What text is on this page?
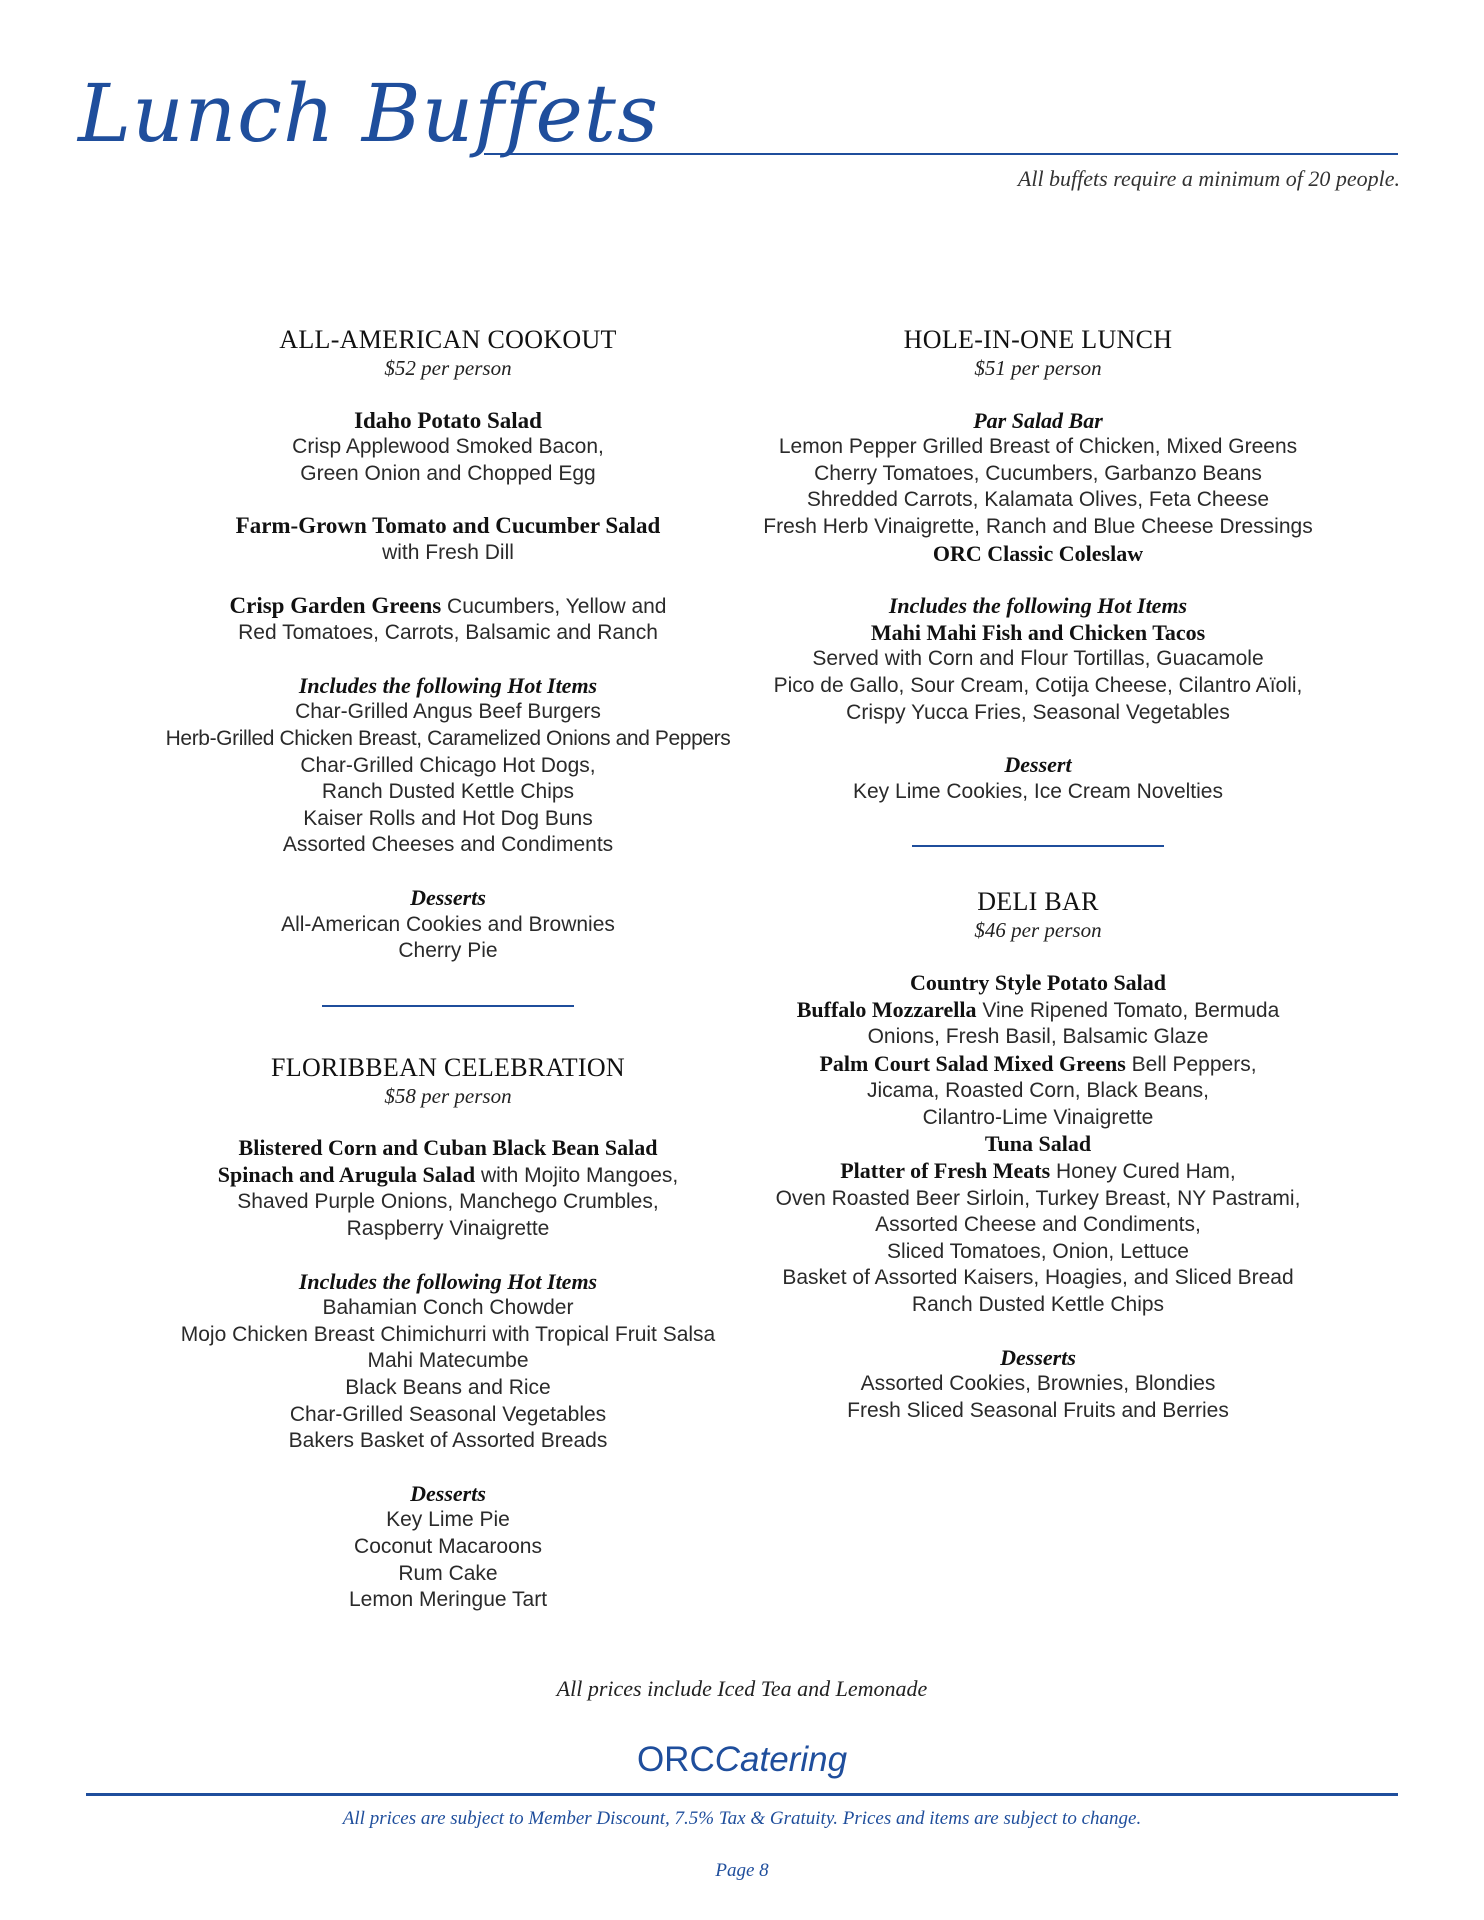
Lunch Buffets
All buffets require a minimum of 20 people.
ALL-AMERICAN COOKOUT
$52 per person
Idaho Potato Salad
Crisp Applewood Smoked Bacon,
Green Onion and Chopped Egg
Farm-Grown Tomato and Cucumber Salad
with Fresh Dill
Crisp Garden Greens Cucumbers, Yellow and
Red Tomatoes, Carrots, Balsamic and Ranch
Includes the following Hot Items
Char-Grilled Angus Beef Burgers
Herb-Grilled Chicken Breast, Caramelized Onions and Peppers
Char-Grilled Chicago Hot Dogs,
Ranch Dusted Kettle Chips
Kaiser Rolls and Hot Dog Buns
Assorted Cheeses and Condiments
Desserts
All-American Cookies and Brownies
Cherry Pie
FLORIBBEAN CELEBRATION
$58 per person
Blistered Corn and Cuban Black Bean Salad
Spinach and Arugula Salad with Mojito Mangoes,
Shaved Purple Onions, Manchego Crumbles,
Raspberry Vinaigrette
Includes the following Hot Items
Bahamian Conch Chowder
Mojo Chicken Breast Chimichurri with Tropical Fruit Salsa
Mahi Matecumbe
Black Beans and Rice
Char-Grilled Seasonal Vegetables
Bakers Basket of Assorted Breads
Desserts
Key Lime Pie
Coconut Macaroons
Rum Cake
Lemon Meringue Tart
HOLE-IN-ONE LUNCH
$51 per person
Par Salad Bar
Lemon Pepper Grilled Breast of Chicken, Mixed Greens
Cherry Tomatoes, Cucumbers, Garbanzo Beans
Shredded Carrots, Kalamata Olives, Feta Cheese
Fresh Herb Vinaigrette, Ranch and Blue Cheese Dressings
ORC Classic Coleslaw
Includes the following Hot Items
Mahi Mahi Fish and Chicken Tacos
Served with Corn and Flour Tortillas, Guacamole
Pico de Gallo, Sour Cream, Cotija Cheese, Cilantro Aïoli,
Crispy Yucca Fries, Seasonal Vegetables
Dessert
Key Lime Cookies, Ice Cream Novelties
DELI BAR
$46 per person
Country Style Potato Salad
Buffalo Mozzarella Vine Ripened Tomato, Bermuda
Onions, Fresh Basil, Balsamic Glaze
Palm Court Salad Mixed Greens Bell Peppers,
Jicama, Roasted Corn, Black Beans,
Cilantro-Lime Vinaigrette
Tuna Salad
Platter of Fresh Meats Honey Cured Ham,
Oven Roasted Beer Sirloin, Turkey Breast, NY Pastrami,
Assorted Cheese and Condiments,
Sliced Tomatoes, Onion, Lettuce
Basket of Assorted Kaisers, Hoagies, and Sliced Bread
Ranch Dusted Kettle Chips
Desserts
Assorted Cookies, Brownies, Blondies
Fresh Sliced Seasonal Fruits and Berries
All prices include Iced Tea and Lemonade
ORCCatering
All prices are subject to Member Discount, 7.5% Tax & Gratuity. Prices and items are subject to change.
Page 8
